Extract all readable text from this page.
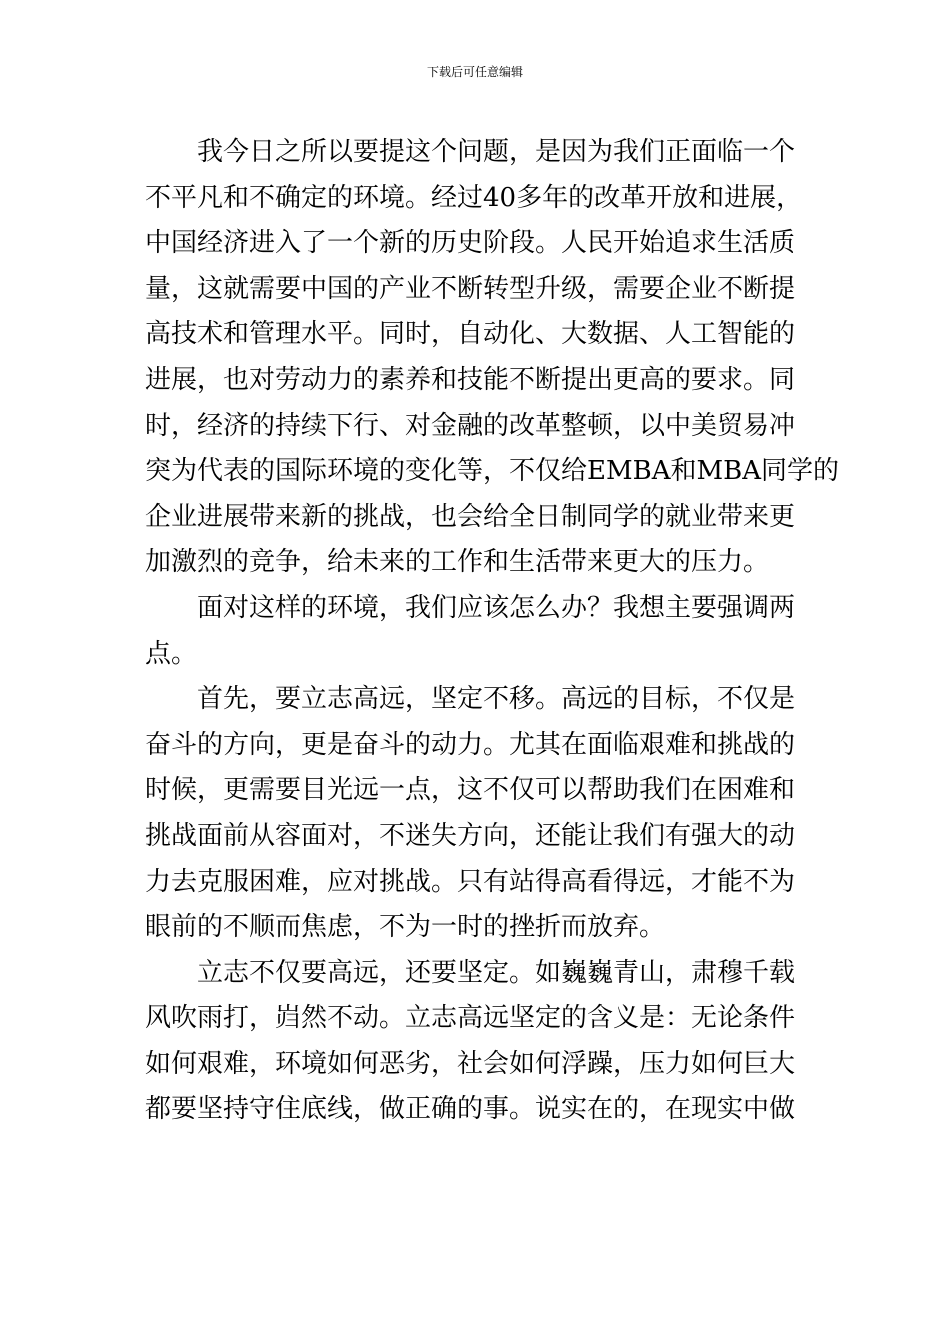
下载后可任意编辑
我今日之所以要提这个问题，是因为我们正面临一个
不平凡和不确定的环境。经过40多年的改革开放和进展，
中国经济进入了一个新的历史阶段。人民开始追求生活质
量，这就需要中国的产业不断转型升级，需要企业不断提
高技术和管理水平。同时，自动化、大数据、人工智能的
进展，也对劳动力的素养和技能不断提出更高的要求。同
时，经济的持续下行、对金融的改革整顿，以中美贸易冲
突为代表的国际环境的变化等，不仅给EMBA和MBA同学的
企业进展带来新的挑战，也会给全日制同学的就业带来更
加激烈的竞争，给未来的工作和生活带来更大的压力。
面对这样的环境，我们应该怎么办？我想主要强调两
点。
首先，要立志高远，坚定不移。高远的目标，不仅是
奋斗的方向，更是奋斗的动力。尤其在面临艰难和挑战的
时候，更需要目光远一点，这不仅可以帮助我们在困难和
挑战面前从容面对，不迷失方向，还能让我们有强大的动
力去克服困难，应对挑战。只有站得高看得远，才能不为
眼前的不顺而焦虑，不为一时的挫折而放弃。
立志不仅要高远，还要坚定。如巍巍青山，肃穆千载
风吹雨打，岿然不动。立志高远坚定的含义是：无论条件
如何艰难，环境如何恶劣，社会如何浮躁，压力如何巨大
都要坚持守住底线，做正确的事。说实在的，在现实中做
